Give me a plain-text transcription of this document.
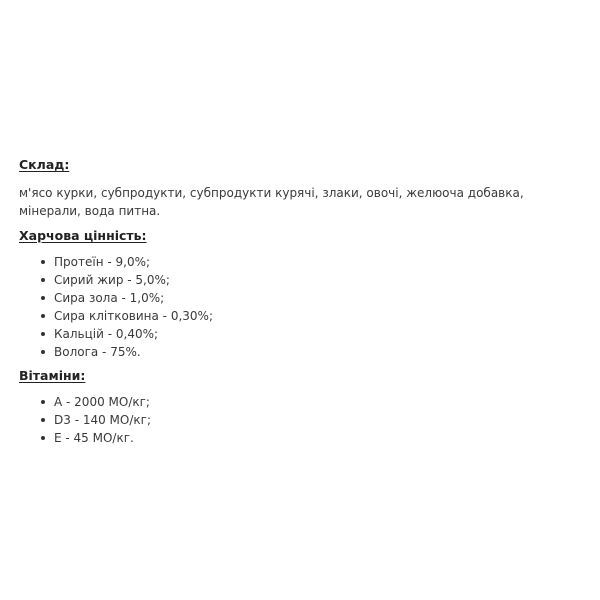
Склад:

м'ясо курки, субпродукти, субпродукти курячі, злаки, овочі, желюоча добавка, мінерали, вода питна.

Харчова цінність:

Протеїн - 9,0%;
Сирий жир - 5,0%;
Сира зола - 1,0%;
Сира клітковина - 0,30%;
Кальцій - 0,40%;
Волога - 75%.

Вітаміни:

A - 2000 МО/кг;
D3 - 140 МО/кг;
E - 45 МО/кг.
